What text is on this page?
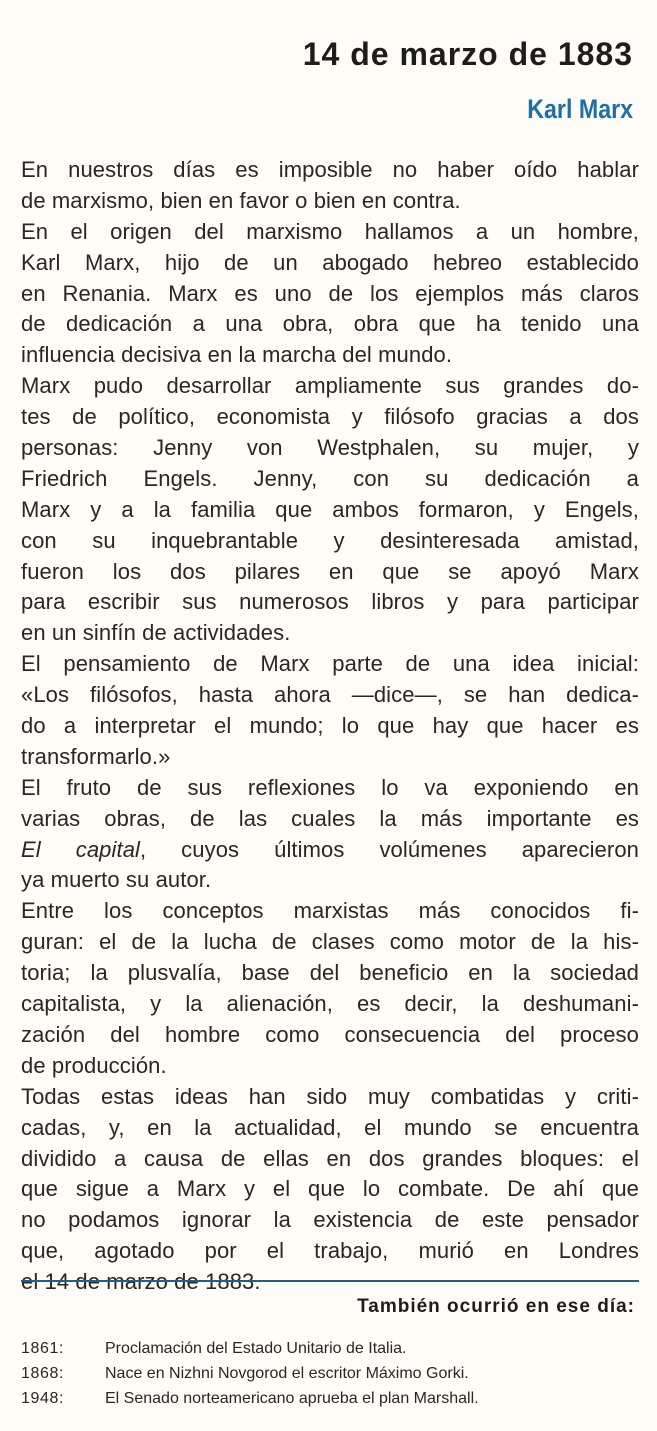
14 de marzo de 1883
Karl Marx
En nuestros días es imposible no haber oído hablar
de marxismo, bien en favor o bien en contra.
En el origen del marxismo hallamos a un hombre,
Karl Marx, hijo de un abogado hebreo establecido
en Renania. Marx es uno de los ejemplos más claros
de dedicación a una obra, obra que ha tenido una
influencia decisiva en la marcha del mundo.
Marx pudo desarrollar ampliamente sus grandes do-
tes de político, economista y filósofo gracias a dos
personas: Jenny von Westphalen, su mujer, y
Friedrich Engels. Jenny, con su dedicación a
Marx y a la familia que ambos formaron, y Engels,
con su inquebrantable y desinteresada amistad,
fueron los dos pilares en que se apoyó Marx
para escribir sus numerosos libros y para participar
en un sinfín de actividades.
El pensamiento de Marx parte de una idea inicial:
«Los filósofos, hasta ahora —dice—, se han dedica-
do a interpretar el mundo; lo que hay que hacer es
transformarlo.»
El fruto de sus reflexiones lo va exponiendo en
varias obras, de las cuales la más importante es
El capital, cuyos últimos volúmenes aparecieron
ya muerto su autor.
Entre los conceptos marxistas más conocidos fi-
guran: el de la lucha de clases como motor de la his-
toria; la plusvalía, base del beneficio en la sociedad
capitalista, y la alienación, es decir, la deshumani-
zación del hombre como consecuencia del proceso
de producción.
Todas estas ideas han sido muy combatidas y criti-
cadas, y, en la actualidad, el mundo se encuentra
dividido a causa de ellas en dos grandes bloques: el
que sigue a Marx y el que lo combate. De ahí que
no podamos ignorar la existencia de este pensador
que, agotado por el trabajo, murió en Londres
el 14 de marzo de 1883.
También ocurrió en ese día:
1861:	Proclamación del Estado Unitario de Italia.
1868:	Nace en Nizhni Novgorod el escritor Máximo Gorki.
1948:	El Senado norteamericano aprueba el plan Marshall.
